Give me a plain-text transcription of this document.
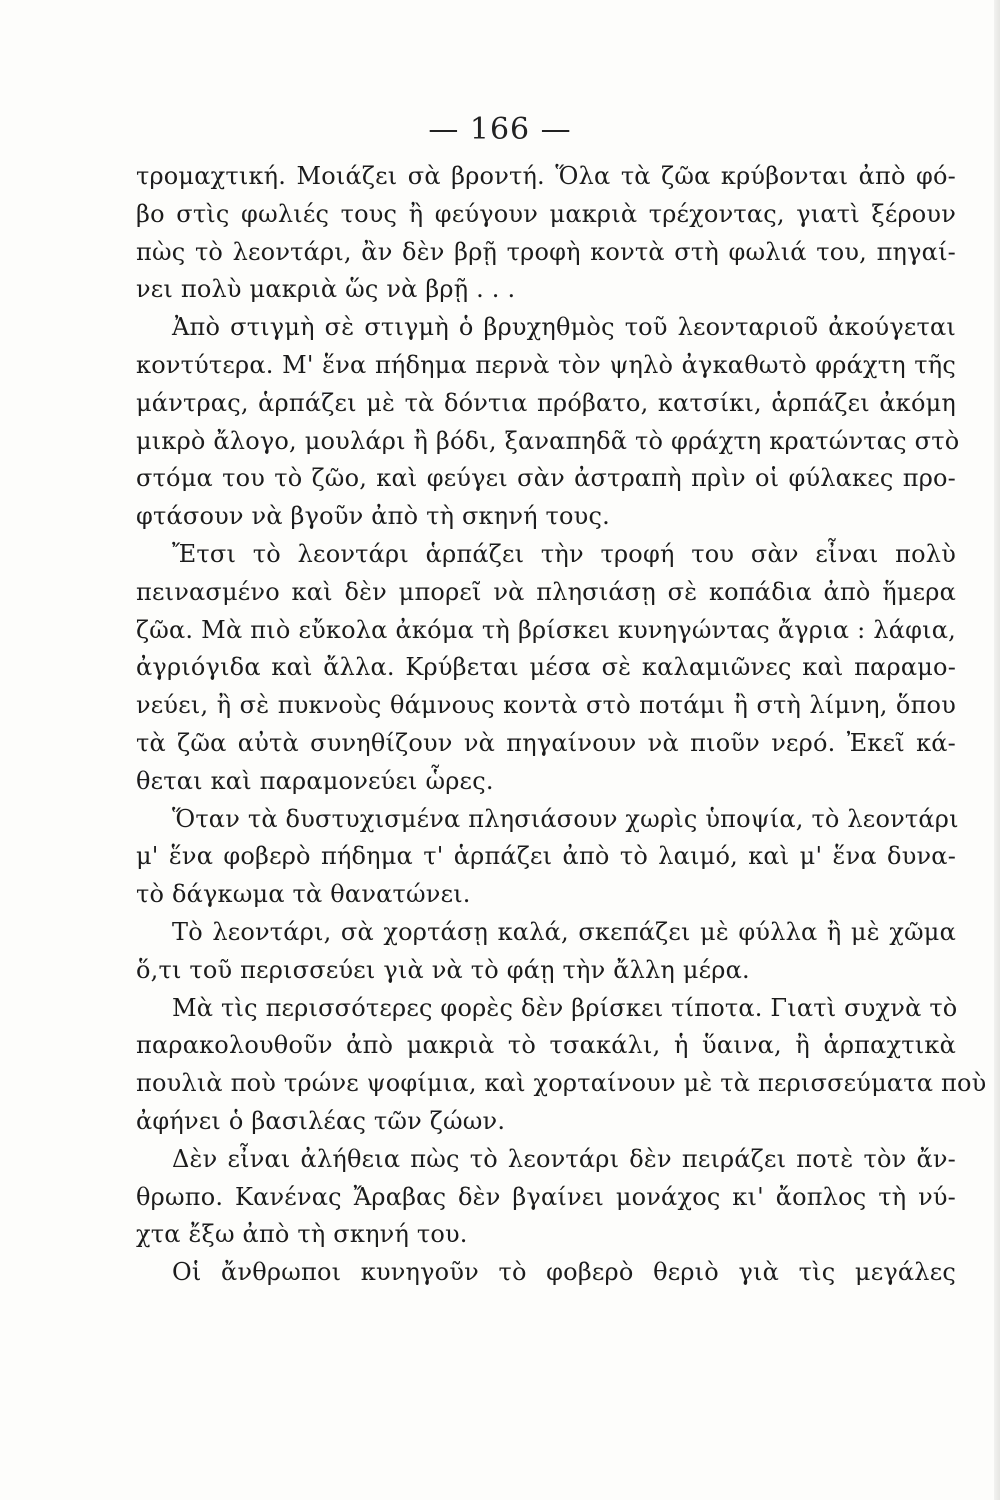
— 166 —
τρομαχτική. Μοιάζει σὰ βροντή. Ὅλα τὰ ζῶα κρύβονται ἀπὸ φό-
βο στὶς φωλιές τους ἢ φεύγουν μακριὰ τρέχοντας, γιατὶ ξέρουν
πὼς τὸ λεοντάρι, ἂν δὲν βρῇ τροφὴ κοντὰ στὴ φωλιά του, πηγαί-
νει πολὺ μακριὰ ὥς νὰ βρῇ . . .
Ἀπὸ στιγμὴ σὲ στιγμὴ ὁ βρυχηθμὸς τοῦ λεονταριοῦ ἀκούγεται
κοντύτερα. Μ' ἕνα πήδημα περνὰ τὸν ψηλὸ ἀγκαθωτὸ φράχτη τῆς
μάντρας, ἁρπάζει μὲ τὰ δόντια πρόβατο, κατσίκι, ἁρπάζει ἀκόμη
μικρὸ ἄλογο, μουλάρι ἢ βόδι, ξαναπηδᾶ τὸ φράχτη κρατώντας στὸ
στόμα του τὸ ζῶο, καὶ φεύγει σὰν ἀστραπὴ πρὶν οἱ φύλακες προ-
φτάσουν νὰ βγοῦν ἀπὸ τὴ σκηνή τους.
Ἔτσι τὸ λεοντάρι ἁρπάζει τὴν τροφή του σὰν εἶναι πολὺ
πεινασμένο καὶ δὲν μπορεῖ νὰ πλησιάσῃ σὲ κοπάδια ἀπὸ ἥμερα
ζῶα. Μὰ πιὸ εὔκολα ἀκόμα τὴ βρίσκει κυνηγώντας ἄγρια : λάφια,
ἀγριόγιδα καὶ ἄλλα. Κρύβεται μέσα σὲ καλαμιῶνες καὶ παραμο-
νεύει, ἢ σὲ πυκνοὺς θάμνους κοντὰ στὸ ποτάμι ἢ στὴ λίμνη, ὅπου
τὰ ζῶα αὐτὰ συνηθίζουν νὰ πηγαίνουν νὰ πιοῦν νερό. Ἐκεῖ κά-
θεται καὶ παραμονεύει ὧρες.
Ὅταν τὰ δυστυχισμένα πλησιάσουν χωρὶς ὑποψία, τὸ λεοντάρι
μ' ἕνα φοβερὸ πήδημα τ' ἁρπάζει ἀπὸ τὸ λαιμό, καὶ μ' ἕνα δυνα-
τὸ δάγκωμα τὰ θανατώνει.
Τὸ λεοντάρι, σὰ χορτάσῃ καλά, σκεπάζει μὲ φύλλα ἢ μὲ χῶμα
ὅ,τι τοῦ περισσεύει γιὰ νὰ τὸ φάῃ τὴν ἄλλη μέρα.
Μὰ τὶς περισσότερες φορὲς δὲν βρίσκει τίποτα. Γιατὶ συχνὰ τὸ
παρακολουθοῦν ἀπὸ μακριὰ τὸ τσακάλι, ἡ ὕαινα, ἢ ἁρπαχτικὰ
πουλιὰ ποὺ τρώνε ψοφίμια, καὶ χορταίνουν μὲ τὰ περισσεύματα ποὺ
ἀφήνει ὁ βασιλέας τῶν ζώων.
Δὲν εἶναι ἀλήθεια πὼς τὸ λεοντάρι δὲν πειράζει ποτὲ τὸν ἄν-
θρωπο. Κανένας Ἄραβας δὲν βγαίνει μονάχος κι' ἄοπλος τὴ νύ-
χτα ἔξω ἀπὸ τὴ σκηνή του.
Οἱ ἄνθρωποι κυνηγοῦν τὸ φοβερὸ θεριὸ γιὰ τὶς μεγάλες
